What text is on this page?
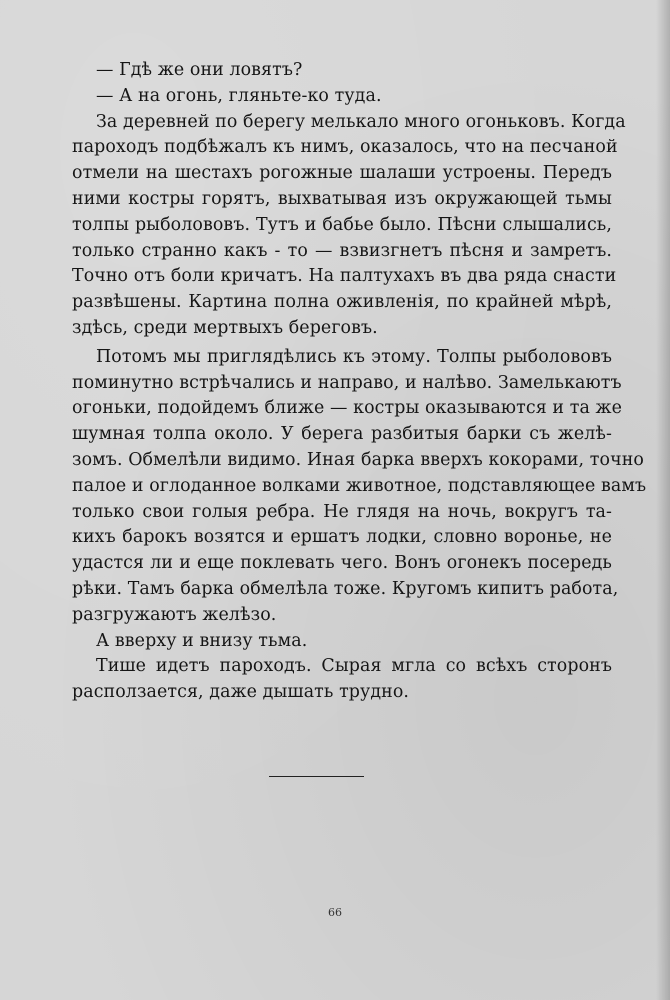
— Гдѣ же они ловятъ?
— А на огонь, гляньте-ко туда.
За деревней по берегу мелькало много огоньковъ. Когда
пароходъ подбѣжалъ къ нимъ, оказалось, что на песчаной
отмели на шестахъ рогожные шалаши устроены. Передъ
ними костры горятъ, выхватывая изъ окружающей тьмы
толпы рыболововъ. Тутъ и бабье было. Пѣсни слышались,
только странно какъ - то — взвизгнетъ пѣсня и замретъ.
Точно отъ боли кричатъ. На палтухахъ въ два ряда снасти
развѣшены. Картина полна оживленія, по крайней мѣрѣ,
здѣсь, среди мертвыхъ береговъ.
Потомъ мы приглядѣлись къ этому. Толпы рыболововъ
поминутно встрѣчались и направо, и налѣво. Замелькаютъ
огоньки, подойдемъ ближе — костры оказываются и та же
шумная толпа около. У берега разбитыя барки съ желѣ-
зомъ. Обмелѣли видимо. Иная барка вверхъ кокорами, точно
палое и оглоданное волками животное, подставляющее вамъ
только свои голыя ребра. Не глядя на ночь, вокругъ та-
кихъ барокъ возятся и ершатъ лодки, словно воронье, не
удастся ли и еще поклевать чего. Вонъ огонекъ посередь
рѣки. Тамъ барка обмелѣла тоже. Кругомъ кипитъ работа,
разгружаютъ желѣзо.
А вверху и внизу тьма.
Тише идетъ пароходъ. Сырая мгла со всѣхъ сторонъ
расползается, даже дышать трудно.
66
